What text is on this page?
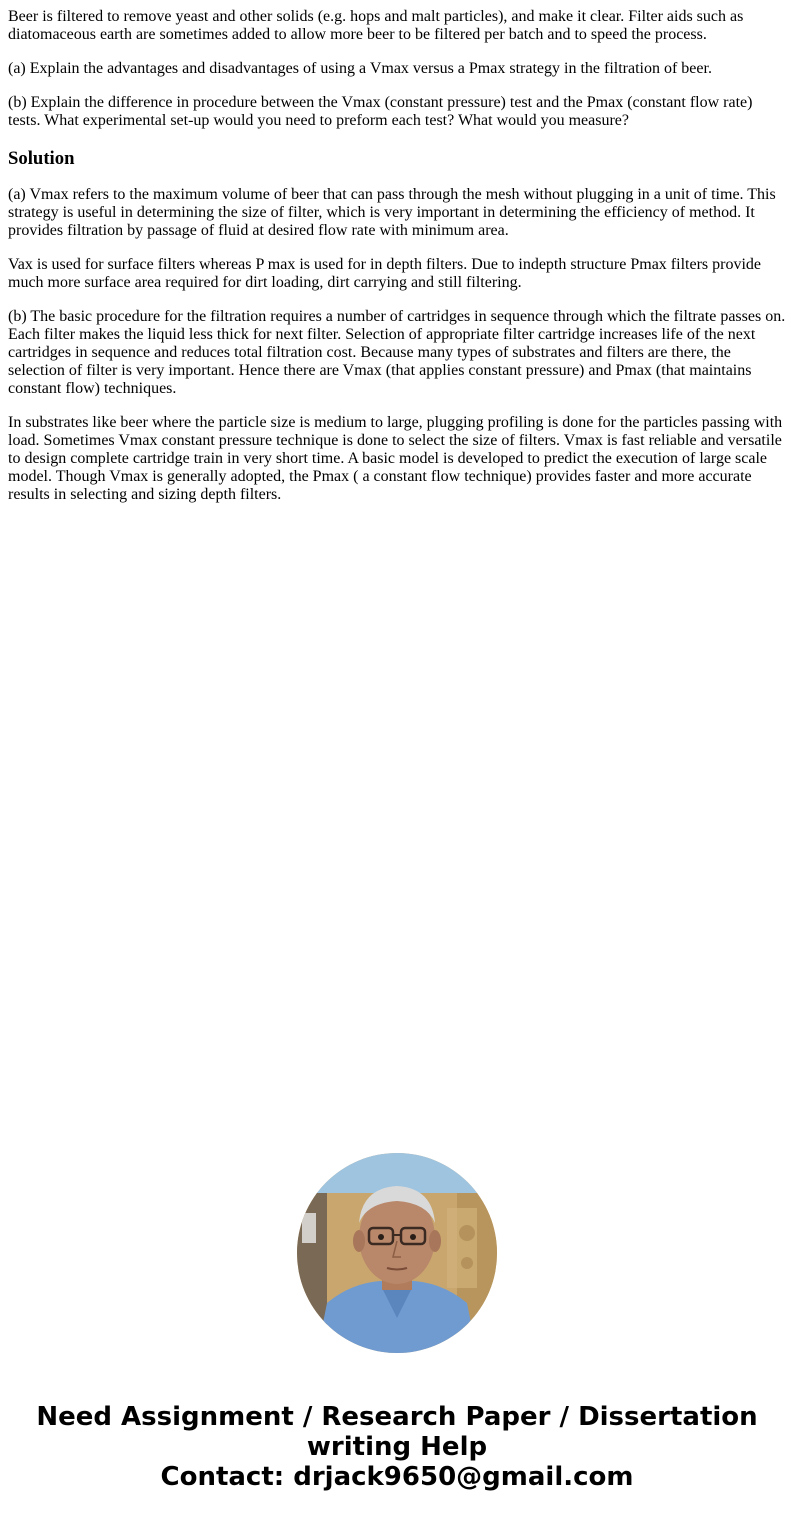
Beer is filtered to remove yeast and other solids (e.g. hops and malt particles), and make it clear. Filter aids such as diatomaceous earth are sometimes added to allow more beer to be filtered per batch and to speed the process.

(a) Explain the advantages and disadvantages of using a Vmax versus a Pmax strategy in the filtration of beer.

(b) Explain the difference in procedure between the Vmax (constant pressure) test and the Pmax (constant flow rate) tests. What experimental set-up would you need to preform each test? What would you measure?

Solution

(a) Vmax refers to the maximum volume of beer that can pass through the mesh without plugging in a unit of time. This strategy is useful in determining the size of filter, which is very important in determining the efficiency of method. It provides filtration by passage of fluid at desired flow rate with minimum area.

Vax is used for surface filters whereas P max is used for in depth filters. Due to indepth structure Pmax filters provide much more surface area required for dirt loading, dirt carrying and still filtering.

(b) The basic procedure for the filtration requires a number of cartridges in sequence through which the filtrate passes on. Each filter makes the liquid less thick for next filter. Selection of appropriate filter cartridge increases life of the next cartridges in sequence and reduces total filtration cost. Because many types of substrates and filters are there, the selection of filter is very important. Hence there are Vmax (that applies constant pressure) and Pmax (that maintains constant flow) techniques.

In substrates like beer where the particle size is medium to large, plugging profiling is done for the particles passing with load. Sometimes Vmax constant pressure technique is done to select the size of filters. Vmax is fast reliable and versatile to design complete cartridge train in very short time. A basic model is developed to predict the execution of large scale model. Though Vmax is generally adopted, the Pmax ( a constant flow technique) provides faster and more accurate results in selecting and sizing depth filters.

Need Assignment / Research Paper / Dissertation
writing Help
Contact: drjack9650@gmail.com
